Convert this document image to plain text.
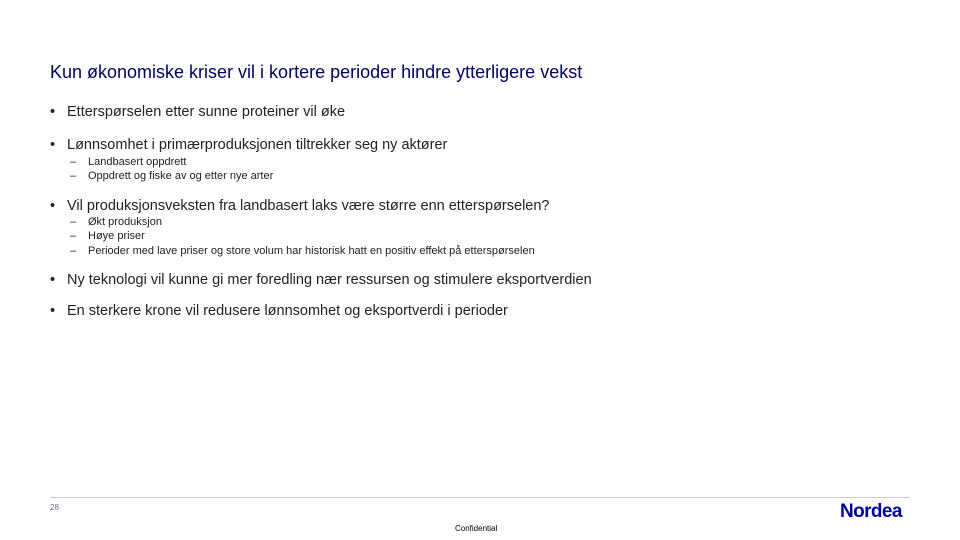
Kun økonomiske kriser vil i kortere perioder hindre ytterligere vekst
• Etterspørselen etter sunne proteiner vil øke
• Lønnsomhet i primærproduksjonen tiltrekker seg ny aktører
– Landbasert oppdrett
– Oppdrett og fiske av og etter nye arter
• Vil produksjonsveksten fra landbasert laks være større enn etterspørselen?
– Økt produksjon
– Høye priser
– Perioder med lave priser og store volum har historisk hatt en positiv effekt på etterspørselen
• Ny teknologi vil kunne gi mer foredling nær ressursen og stimulere eksportverdien
• En sterkere krone vil redusere lønnsomhet og eksportverdi i perioder
28	Nordea
Confidential
